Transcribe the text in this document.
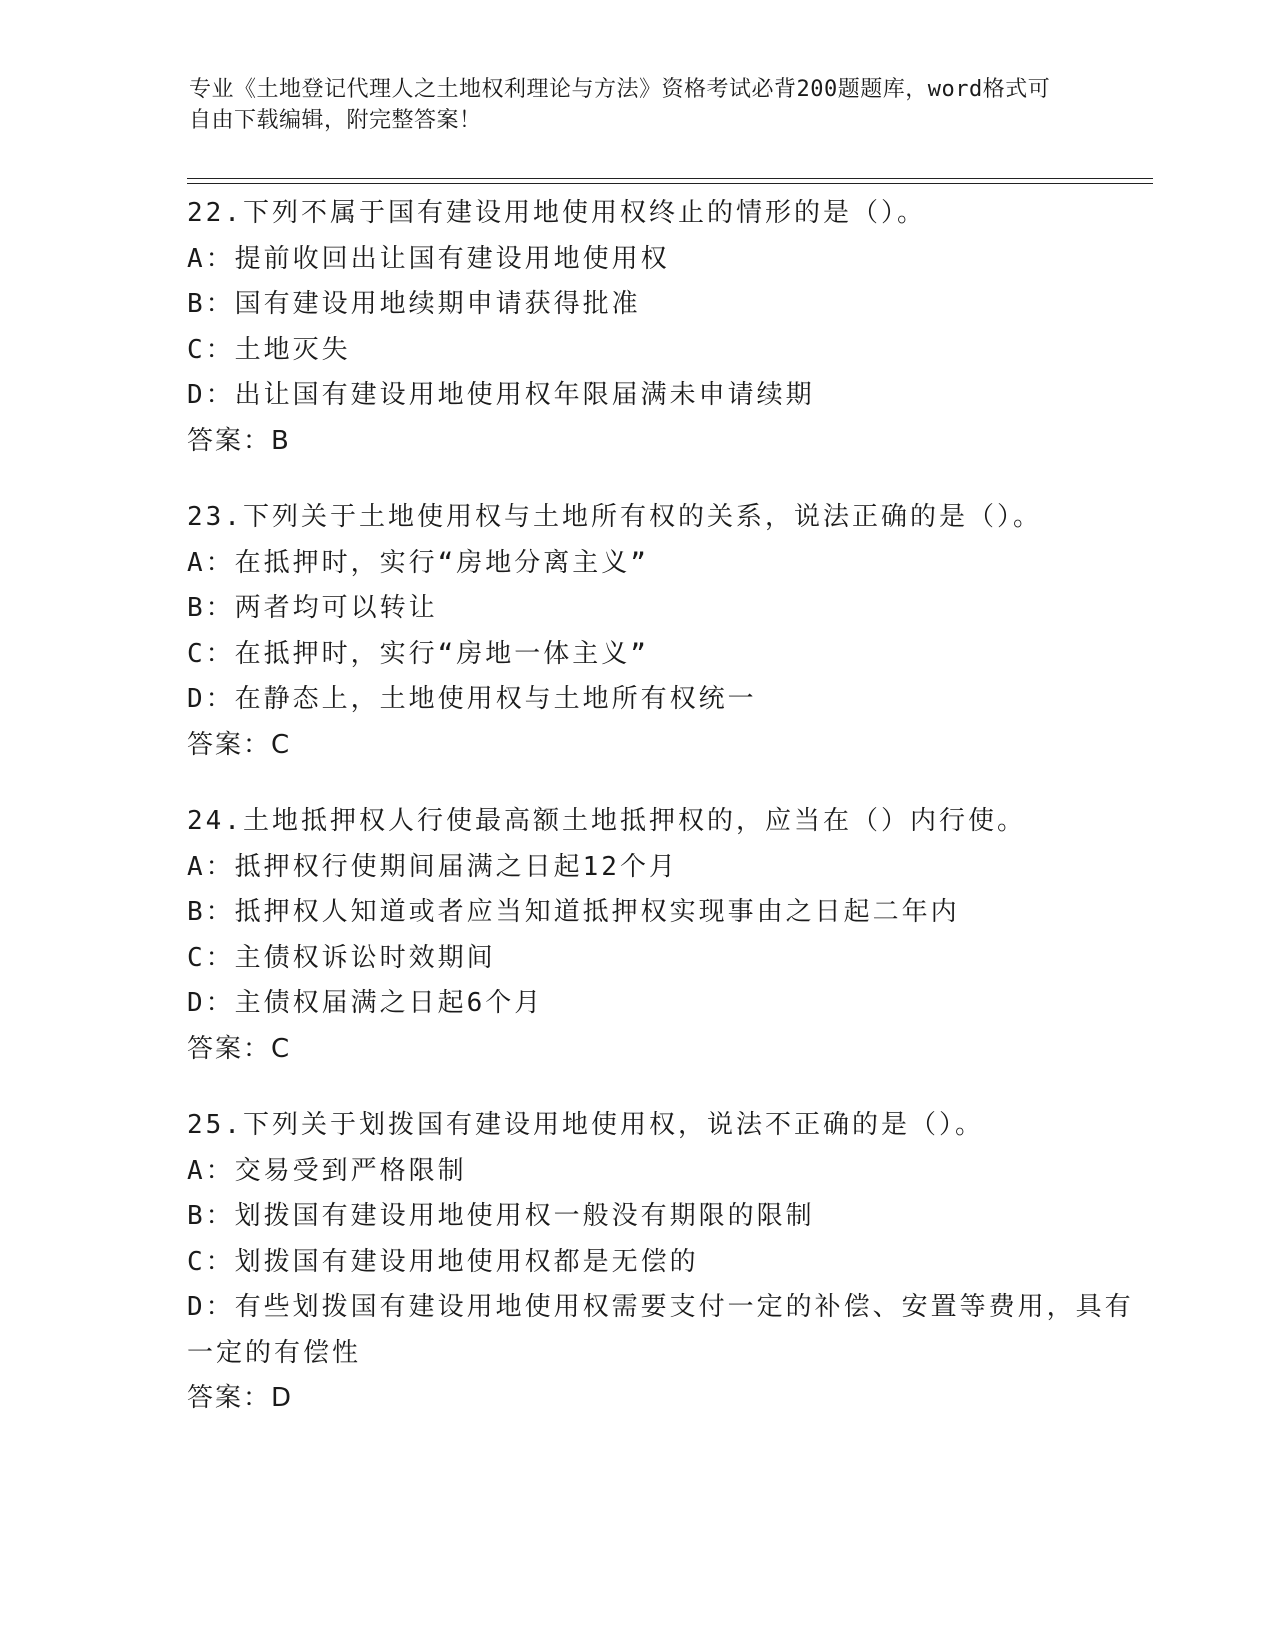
专业《土地登记代理人之土地权利理论与方法》资格考试必背200题题库，word格式可自由下载编辑，附完整答案！
22.下列不属于国有建设用地使用权终止的情形的是（）。
A： 提前收回出让国有建设用地使用权
B： 国有建设用地续期申请获得批准
C： 土地灭失
D： 出让国有建设用地使用权年限届满未申请续期
答案：B
23.下列关于土地使用权与土地所有权的关系，说法正确的是（）。
A： 在抵押时，实行“房地分离主义”
B： 两者均可以转让
C： 在抵押时，实行“房地一体主义”
D： 在静态上，土地使用权与土地所有权统一
答案：C
24.土地抵押权人行使最高额土地抵押权的，应当在（）内行使。
A： 抵押权行使期间届满之日起12个月
B： 抵押权人知道或者应当知道抵押权实现事由之日起二年内
C： 主债权诉讼时效期间
D： 主债权届满之日起6个月
答案：C
25.下列关于划拨国有建设用地使用权，说法不正确的是（）。
A： 交易受到严格限制
B： 划拨国有建设用地使用权一般没有期限的限制
C： 划拨国有建设用地使用权都是无偿的
D：有些划拨国有建设用地使用权需要支付一定的补偿、安置等费用，具有一定的有偿性
答案：D
